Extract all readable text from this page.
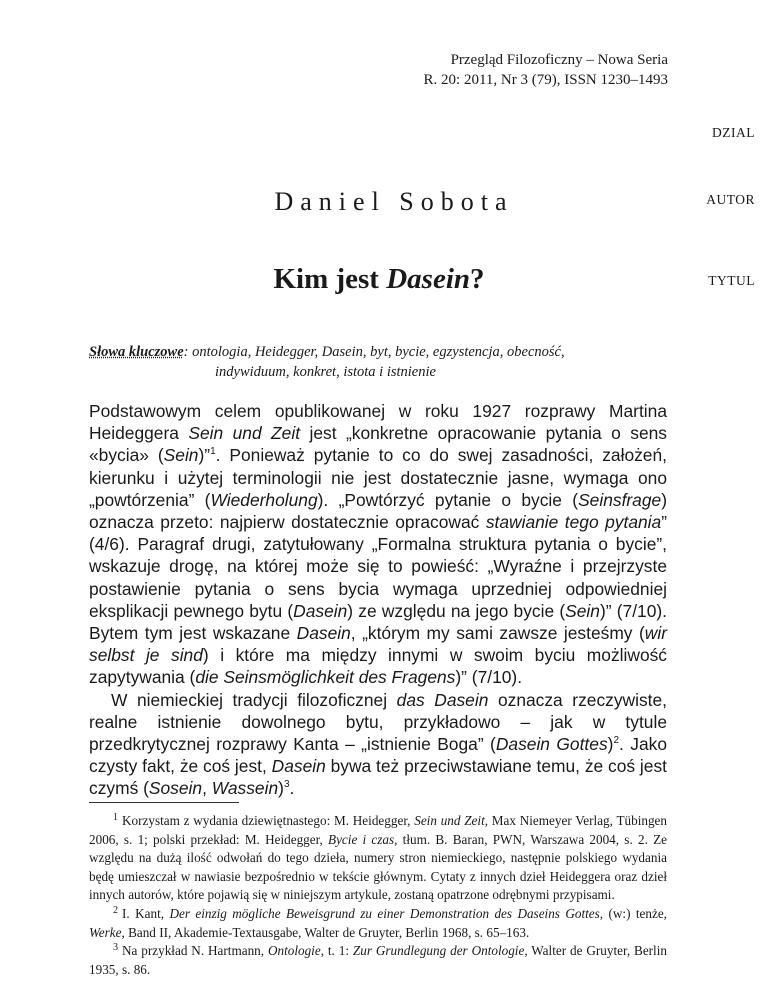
Przegląd Filozoficzny – Nowa Seria
R. 20: 2011, Nr 3 (79), ISSN 1230–1493
DZIAL
AUTOR
TYTUL
Daniel Sobota
Kim jest Dasein?
Słowa kluczowe: ontologia, Heidegger, Dasein, byt, bycie, egzystencja, obecność,
indywiduum, konkret, istota i istnienie

Podstawowym celem opublikowanej w roku 1927 rozprawy Martina Heideggera Sein und Zeit jest „konkretne opracowanie pytania o sens «bycia» (Sein)”$^1$. Ponieważ pytanie to co do swej zasadności, założeń, kierunku i użytej terminologii nie jest dostatecznie jasne, wymaga ono „powtórzenia” (Wiederholung). „Powtórzyć pytanie o bycie (Seinsfrage) oznacza przeto: najpierw dostatecznie opracować stawianie tego pytania” (4/6). Paragraf drugi, zatytułowany „Formalna struktura pytania o bycie”, wskazuje drogę, na której może się to powieść: „Wyraźne i przejrzyste postawienie pytania o sens bycia wymaga uprzedniej odpowiedniej eksplikacji pewnego bytu (Dasein) ze względu na jego bycie (Sein)” (7/10). Bytem tym jest wskazane Dasein, „którym my sami zawsze jesteśmy (wir selbst je sind) i które ma między innymi w swoim byciu możliwość zapytywania (die Seinsmöglichkeit des Fragens)” (7/10).

W niemieckiej tradycji filozoficznej das Dasein oznacza rzeczywiste, realne istnienie dowolnego bytu, przykładowo – jak w tytule przedkrytycznej rozprawy Kanta – „istnienie Boga” (Dasein Gottes)$^2$. Jako czysty fakt, że coś jest, Dasein bywa też przeciwstawiane temu, że coś jest czymś (Sosein, Wassein)$^3$.

$^1$ Korzystam z wydania dziewiętnastego: M. Heidegger, Sein und Zeit, Max Niemeyer Verlag, Tübingen 2006, s. 1; polski przekład: M. Heidegger, Bycie i czas, tłum. B. Baran, PWN, Warszawa 2004, s. 2. Ze względu na dużą ilość odwołań do tego dzieła, numery stron niemieckiego, następnie polskiego wydania będę umieszczał w nawiasie bezpośrednio w tekście głównym. Cytaty z innych dzieł Heideggera oraz dzieł innych autorów, które pojawią się w niniejszym artykule, zostaną opatrzone odrębnymi przypisami.

$^2$ I. Kant, Der einzig mögliche Beweisgrund zu einer Demonstration des Daseins Gottes, (w:) tenże, Werke, Band II, Akademie-Textausgabe, Walter de Gruyter, Berlin 1968, s. 65–163.

$^3$ Na przykład N. Hartmann, Ontologie, t. 1: Zur Grundlegung der Ontologie, Walter de Gruyter, Berlin 1935, s. 86.
